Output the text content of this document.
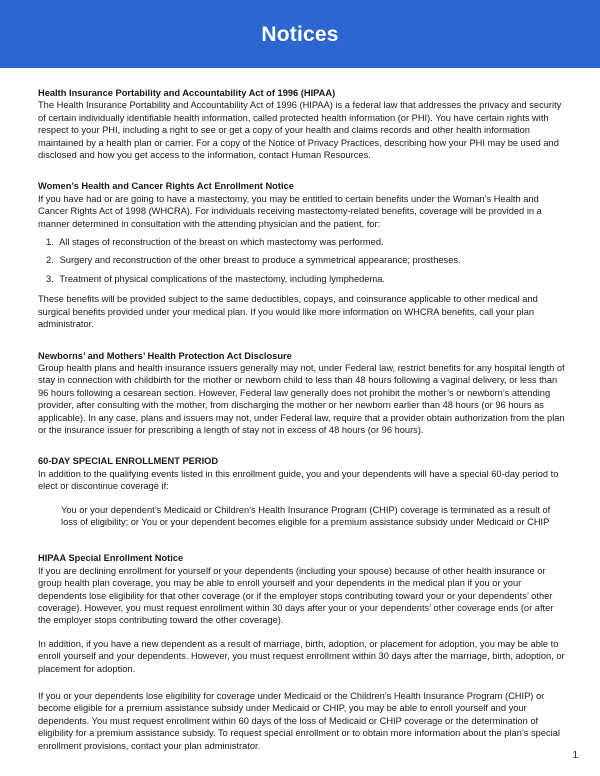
Notices
Health Insurance Portability and Accountability Act of 1996 (HIPAA)

The Health Insurance Portability and Accountability Act of 1996 (HIPAA) is a federal law that addresses the privacy and security of certain individually identifiable health information, called protected health information (or PHI). You have certain rights with respect to your PHI, including a right to see or get a copy of your health and claims records and other health information maintained by a health plan or carrier. For a copy of the Notice of Privacy Practices, describing how your PHI may be used and disclosed and how you get access to the information, contact Human Resources.

Women’s Health and Cancer Rights Act Enrollment Notice

If you have had or are going to have a mastectomy, you may be entitled to certain benefits under the Woman’s Health and Cancer Rights Act of 1998 (WHCRA). For individuals receiving mastectomy-related benefits, coverage will be provided in a manner determined in consultation with the attending physician and the patient, for:

1. All stages of reconstruction of the breast on which mastectomy was performed.
2. Surgery and reconstruction of the other breast to produce a symmetrical appearance; prostheses.
3. Treatment of physical complications of the mastectomy, including lymphedema.

These benefits will be provided subject to the same deductibles, copays, and coinsurance applicable to other medical and surgical benefits provided under your medical plan. If you would like more information on WHCRA benefits, call your plan administrator.

Newborns’ and Mothers’ Health Protection Act Disclosure

Group health plans and health insurance issuers generally may not, under Federal law, restrict benefits for any hospital length of stay in connection with childbirth for the mother or newborn child to less than 48 hours following a vaginal delivery, or less than 96 hours following a cesarean section. However, Federal law generally does not prohibit the mother’s or newborn’s attending provider, after consulting with the mother, from discharging the mother or her newborn earlier than 48 hours (or 96 hours as applicable). In any case, plans and issuers may not, under Federal law, require that a provider obtain authorization from the plan or the insurance issuer for prescribing a length of stay not in excess of 48 hours (or 96 hours).

60-DAY SPECIAL ENROLLMENT PERIOD

In addition to the qualifying events listed in this enrollment guide, you and your dependents will have a special 60-day period to elect or discontinue coverage if:

You or your dependent’s Medicaid or Children’s Health Insurance Program (CHIP) coverage is terminated as a result of loss of eligibility; or You or your dependent becomes eligible for a premium assistance subsidy under Medicaid or CHIP

HIPAA Special Enrollment Notice

If you are declining enrollment for yourself or your dependents (including your spouse) because of other health insurance or group health plan coverage, you may be able to enroll yourself and your dependents in the medical plan if you or your dependents lose eligibility for that other coverage (or if the employer stops contributing toward your or your dependents’ other coverage). However, you must request enrollment within 30 days after your or your dependents’ other coverage ends (or after the employer stops contributing toward the other coverage).

In addition, if you have a new dependent as a result of marriage, birth, adoption, or placement for adoption, you may be able to enroll yourself and your dependents. However, you must request enrollment within 30 days after the marriage, birth, adoption, or placement for adoption.

If you or your dependents lose eligibility for coverage under Medicaid or the Children’s Health Insurance Program (CHIP) or become eligible for a premium assistance subsidy under Medicaid or CHIP, you may be able to enroll yourself and your dependents. You must request enrollment within 60 days of the loss of Medicaid or CHIP coverage or the determination of eligibility for a premium assistance subsidy. To request special enrollment or to obtain more information about the plan’s special enrollment provisions, contact your plan administrator.

1
